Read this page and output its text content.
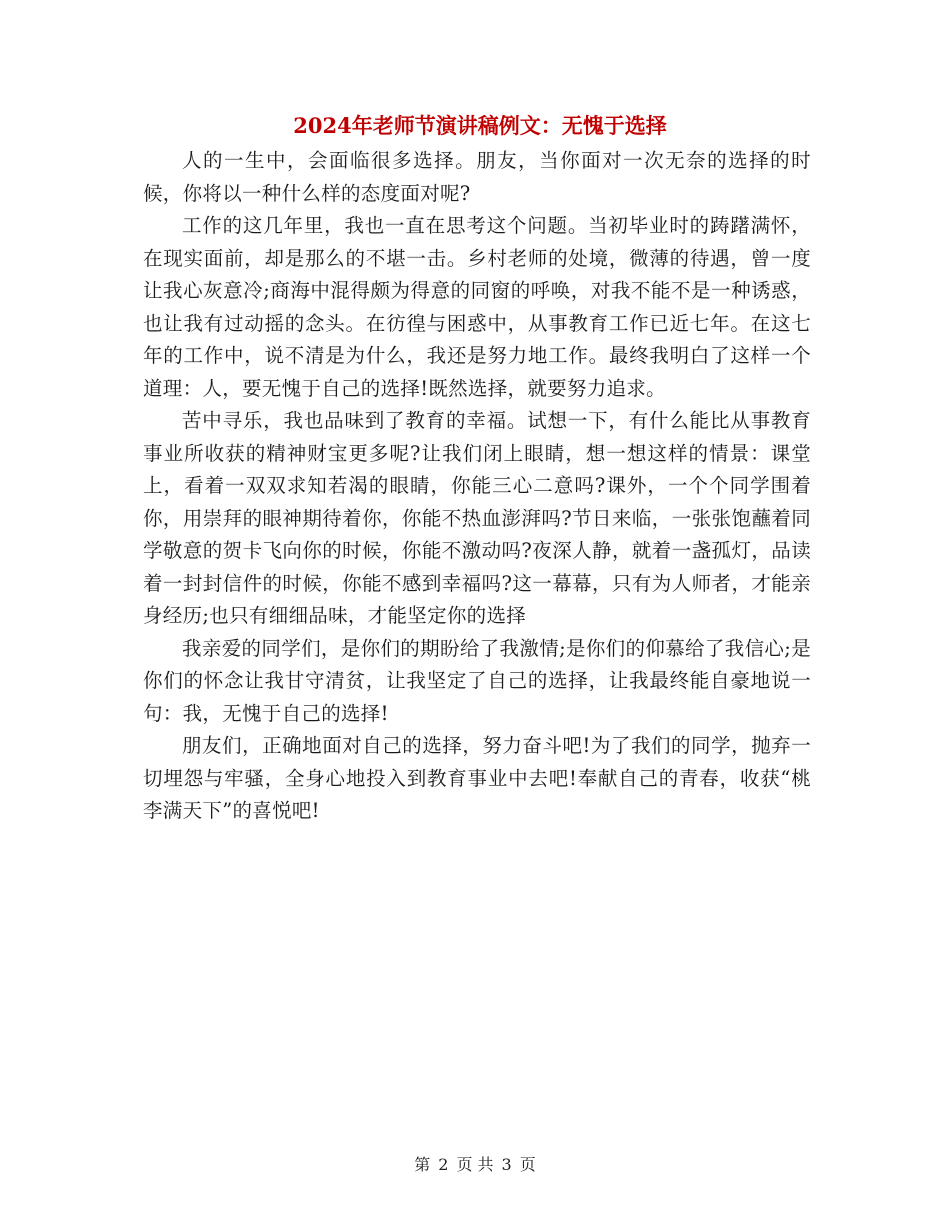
2024年老师节演讲稿例文：无愧于选择

人的一生中，会面临很多选择。朋友，当你面对一次无奈的选择的时候，你将以一种什么样的态度面对呢?

工作的这几年里，我也一直在思考这个问题。当初毕业时的踌躇满怀，在现实面前，却是那么的不堪一击。乡村老师的处境，微薄的待遇，曾一度让我心灰意冷;商海中混得颇为得意的同窗的呼唤，对我不能不是一种诱惑，也让我有过动摇的念头。在彷徨与困惑中，从事教育工作已近七年。在这七年的工作中，说不清是为什么，我还是努力地工作。最终我明白了这样一个道理：人，要无愧于自己的选择!既然选择，就要努力追求。

苦中寻乐，我也品味到了教育的幸福。试想一下，有什么能比从事教育事业所收获的精神财宝更多呢?让我们闭上眼睛，想一想这样的情景：课堂上，看着一双双求知若渴的眼睛，你能三心二意吗?课外，一个个同学围着你，用崇拜的眼神期待着你，你能不热血澎湃吗?节日来临，一张张饱蘸着同学敬意的贺卡飞向你的时候，你能不激动吗?夜深人静，就着一盏孤灯，品读着一封封信件的时候，你能不感到幸福吗?这一幕幕，只有为人师者，才能亲身经历;也只有细细品味，才能坚定你的选择

我亲爱的同学们，是你们的期盼给了我激情;是你们的仰慕给了我信心;是你们的怀念让我甘守清贫，让我坚定了自己的选择，让我最终能自豪地说一句：我，无愧于自己的选择!

朋友们，正确地面对自己的选择，努力奋斗吧!为了我们的同学，抛弃一切埋怨与牢骚，全身心地投入到教育事业中去吧!奉献自己的青春，收获“桃李满天下”的喜悦吧!

第 2 页 共 3 页
